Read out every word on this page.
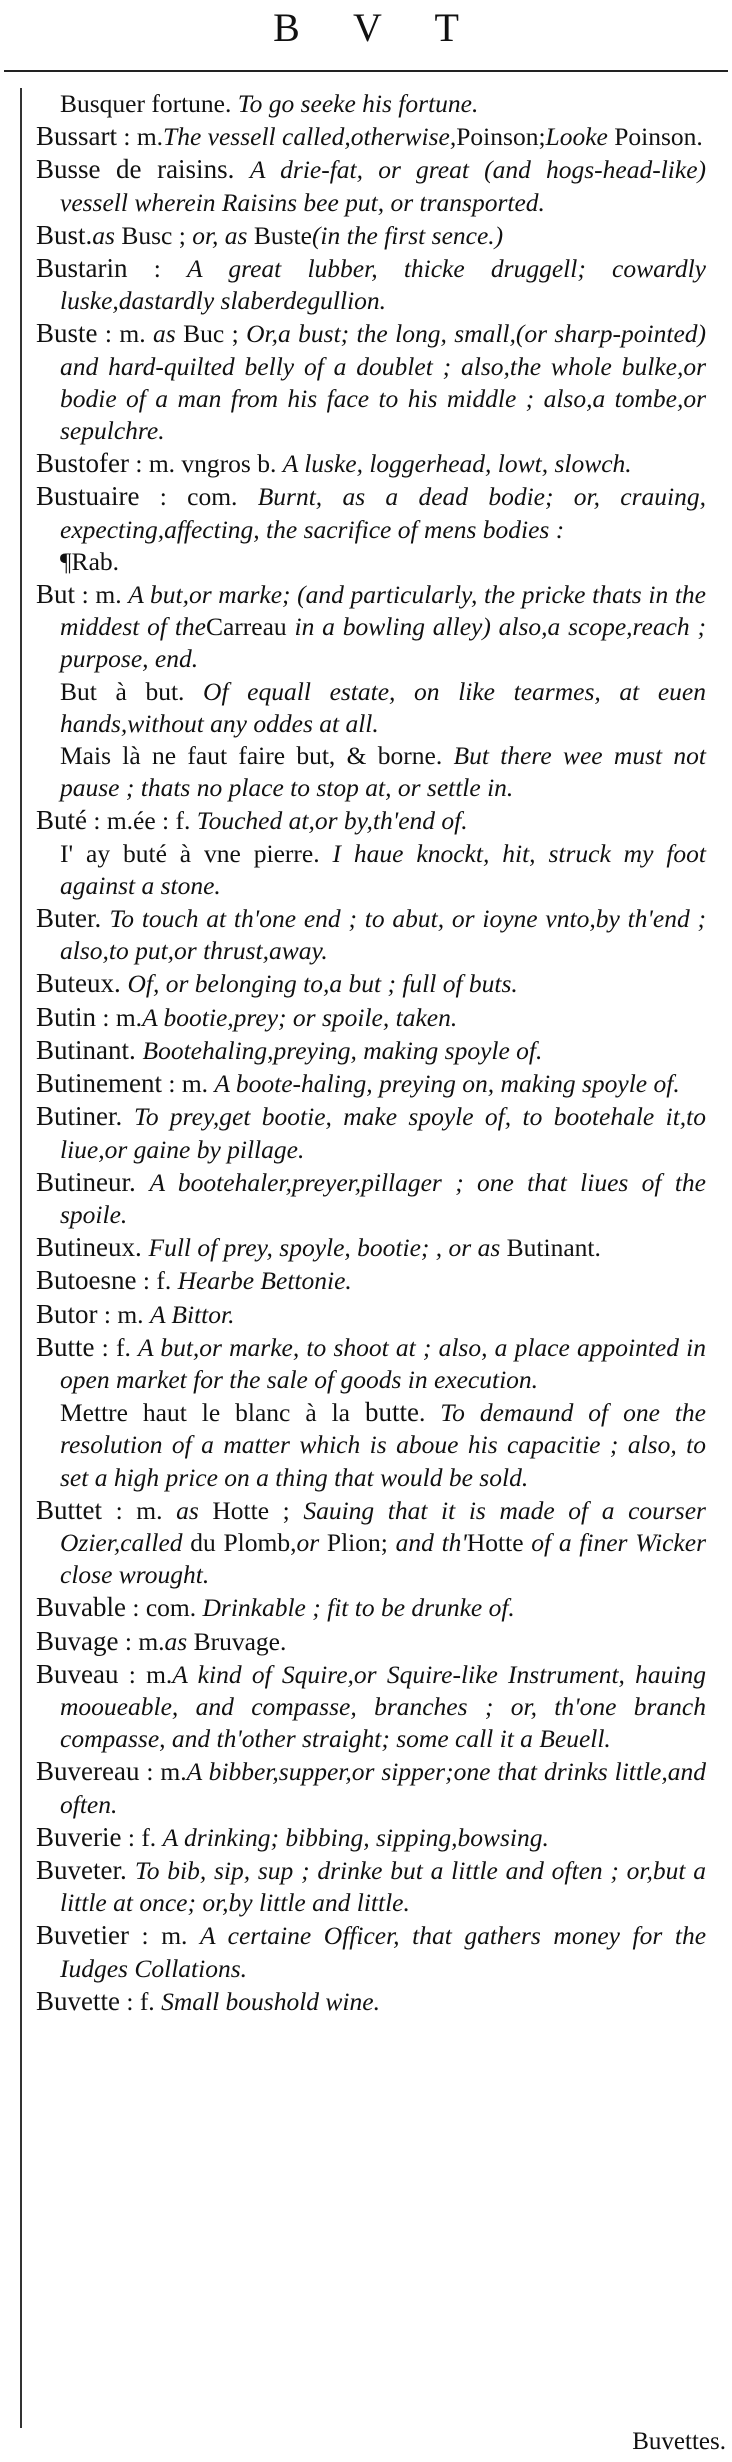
B V T

Busquer fortune. To go seeke his fortune.

Bussart : m.The vessell called,otherwise,Poinson;Looke Poinson.

Busse de raisins. A drie-fat, or great (and hogs-head-like) vessell wherein Raisins bee put, or transported.

Bust.as Busc ; or, as Buste(in the first sence.)

Bustarin : A great lubber, thicke druggell; cowardly luske,dastardly slaberdegullion.

Buste : m. as Buc ; Or,a bust; the long, small,(or sharp-pointed) and hard-quilted belly of a doublet ; also,the whole bulke,or bodie of a man from his face to his middle ; also,a tombe,or sepulchre.

Bustofer : m. vngros b. A luske, loggerhead, lowt, slowch.

Bustuaire : com. Burnt, as a dead bodie; or, crauing, expecting,affecting, the sacrifice of mens bodies :

¶Rab.

But : m. A but,or marke; (and particularly, the pricke thats in the middest of theCarreau in a bowling alley) also,a scope,reach ; purpose, end.

But à but. Of equall estate, on like tearmes, at euen hands,without any oddes at all.

Mais là ne faut faire but, & borne. But there wee must not pause ; thats no place to stop at, or settle in.

Buté : m.ée : f. Touched at,or by,th'end of.

I' ay buté à vne pierre. I haue knockt, hit, struck my foot against a stone.

Buter. To touch at th'one end ; to abut, or ioyne vnto,by th'end ; also,to put,or thrust,away.

Buteux. Of, or belonging to,a but ; full of buts.

Butin : m.A bootie,prey; or spoile, taken.

Butinant. Bootehaling,preying, making spoyle of.

Butinement : m. A boote-haling, preying on, making spoyle of.

Butiner. To prey,get bootie, make spoyle of, to bootehale it,to liue,or gaine by pillage.

Butineur. A bootehaler,preyer,pillager ; one that liues of the spoile.

Butineux. Full of prey, spoyle, bootie; , or as Butinant.

Butoesne : f. Hearbe Bettonie.

Butor : m. A Bittor.

Butte : f. A but,or marke, to shoot at ; also, a place appointed in open market for the sale of goods in execution.

Mettre haut le blanc à la butte. To demaund of one the resolution of a matter which is aboue his capacitie ; also, to set a high price on a thing that would be sold.

Buttet : m. as Hotte ; Sauing that it is made of a courser Ozier,called du Plomb,or Plion; and th'Hotte of a finer Wicker close wrought.

Buvable : com. Drinkable ; fit to be drunke of.

Buvage : m.as Bruvage.

Buveau : m.A kind of Squire,or Squire-like Instrument, hauing mooueable, and compasse, branches ; or, th'one branch compasse, and th'other straight; some call it a Beuell.

Buvereau : m.A bibber,supper,or sipper;one that drinks little,and often.

Buverie : f. A drinking; bibbing, sipping,bowsing.

Buveter. To bib, sip, sup ; drinke but a little and often ; or,but a little at once; or,by little and little.

Buvetier : m. A certaine Officer, that gathers money for the Iudges Collations.

Buvette : f. Small boushold wine.

Buvettes.
